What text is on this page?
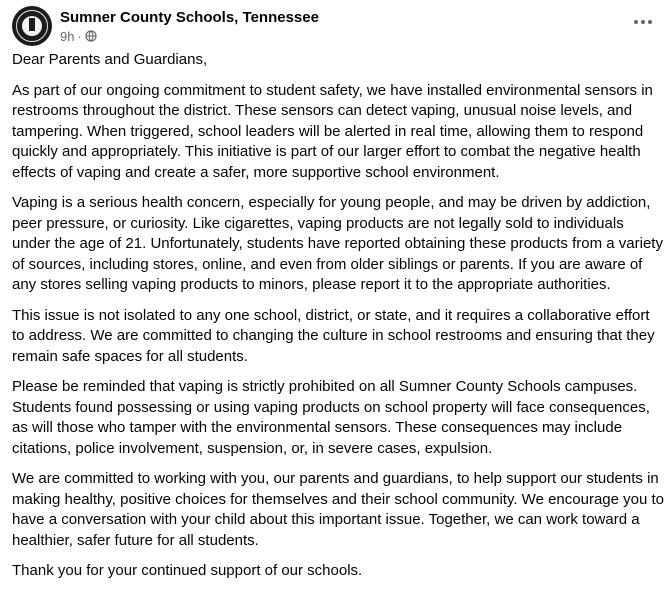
Sumner County Schools, Tennessee
9h ·

Dear Parents and Guardians,

As part of our ongoing commitment to student safety, we have installed environmental sensors in restrooms throughout the district. These sensors can detect vaping, unusual noise levels, and tampering. When triggered, school leaders will be alerted in real time, allowing them to respond quickly and appropriately. This initiative is part of our larger effort to combat the negative health effects of vaping and create a safer, more supportive school environment.

Vaping is a serious health concern, especially for young people, and may be driven by addiction, peer pressure, or curiosity. Like cigarettes, vaping products are not legally sold to individuals under the age of 21. Unfortunately, students have reported obtaining these products from a variety of sources, including stores, online, and even from older siblings or parents. If you are aware of any stores selling vaping products to minors, please report it to the appropriate authorities.

This issue is not isolated to any one school, district, or state, and it requires a collaborative effort to address. We are committed to changing the culture in school restrooms and ensuring that they remain safe spaces for all students.

Please be reminded that vaping is strictly prohibited on all Sumner County Schools campuses. Students found possessing or using vaping products on school property will face consequences, as will those who tamper with the environmental sensors. These consequences may include citations, police involvement, suspension, or, in severe cases, expulsion.

We are committed to working with you, our parents and guardians, to help support our students in making healthy, positive choices for themselves and their school community. We encourage you to have a conversation with your child about this important issue. Together, we can work toward a healthier, safer future for all students.

Thank you for your continued support of our schools.
